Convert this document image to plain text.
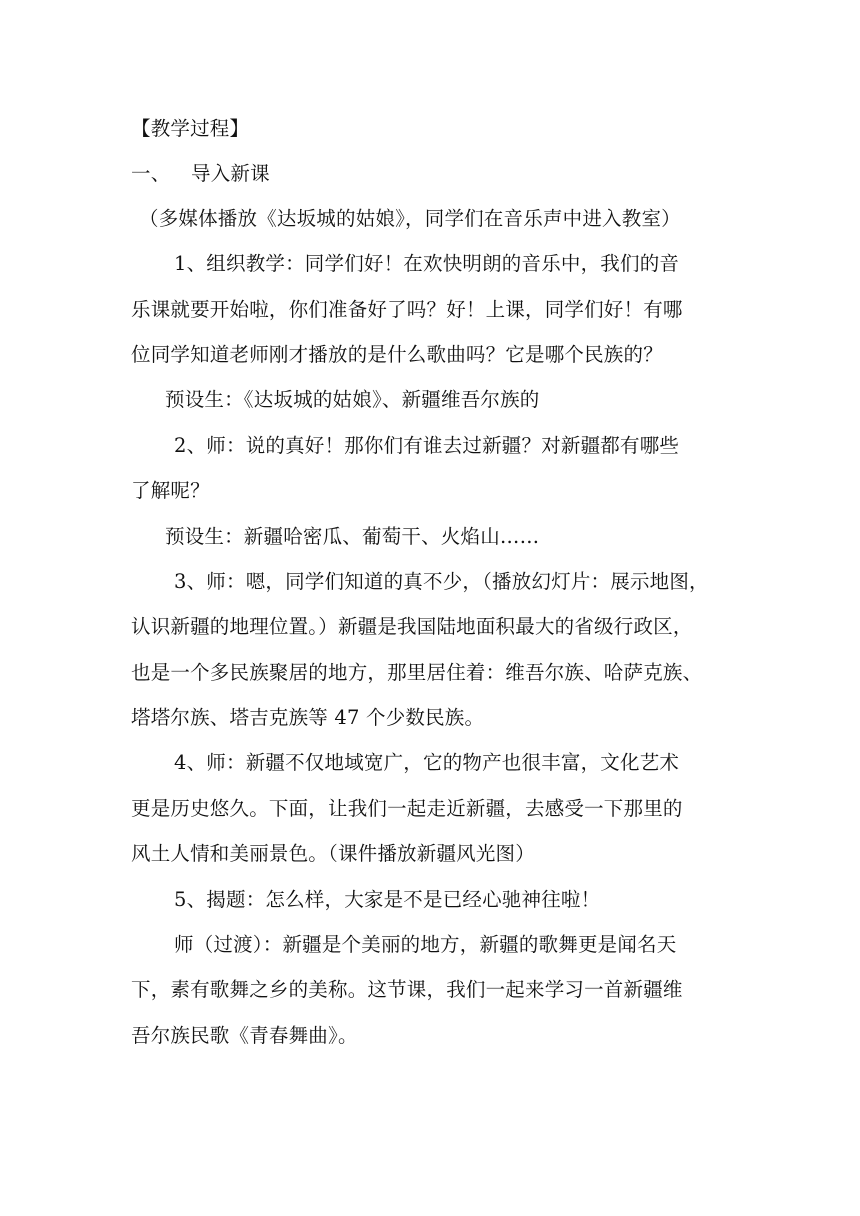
【教学过程】
一、 导入新课
（多媒体播放《达坂城的姑娘》，同学们在音乐声中进入教室）
1、组织教学：同学们好！在欢快明朗的音乐中，我们的音
乐课就要开始啦，你们准备好了吗？好！上课，同学们好！有哪
位同学知道老师刚才播放的是什么歌曲吗？它是哪个民族的？
预设生：《达坂城的姑娘》、新疆维吾尔族的
2、师：说的真好！那你们有谁去过新疆？对新疆都有哪些
了解呢？
预设生：新疆哈密瓜、葡萄干、火焰山……
3、师：嗯，同学们知道的真不少，（播放幻灯片：展示地图，
认识新疆的地理位置。）新疆是我国陆地面积最大的省级行政区，
也是一个多民族聚居的地方，那里居住着：维吾尔族、哈萨克族、
塔塔尔族、塔吉克族等 47 个少数民族。
4、师：新疆不仅地域宽广，它的物产也很丰富，文化艺术
更是历史悠久。下面，让我们一起走近新疆，去感受一下那里的
风土人情和美丽景色。（课件播放新疆风光图）
5、揭题：怎么样，大家是不是已经心驰神往啦！
师（过渡）：新疆是个美丽的地方，新疆的歌舞更是闻名天
下，素有歌舞之乡的美称。这节课，我们一起来学习一首新疆维
吾尔族民歌《青春舞曲》。
